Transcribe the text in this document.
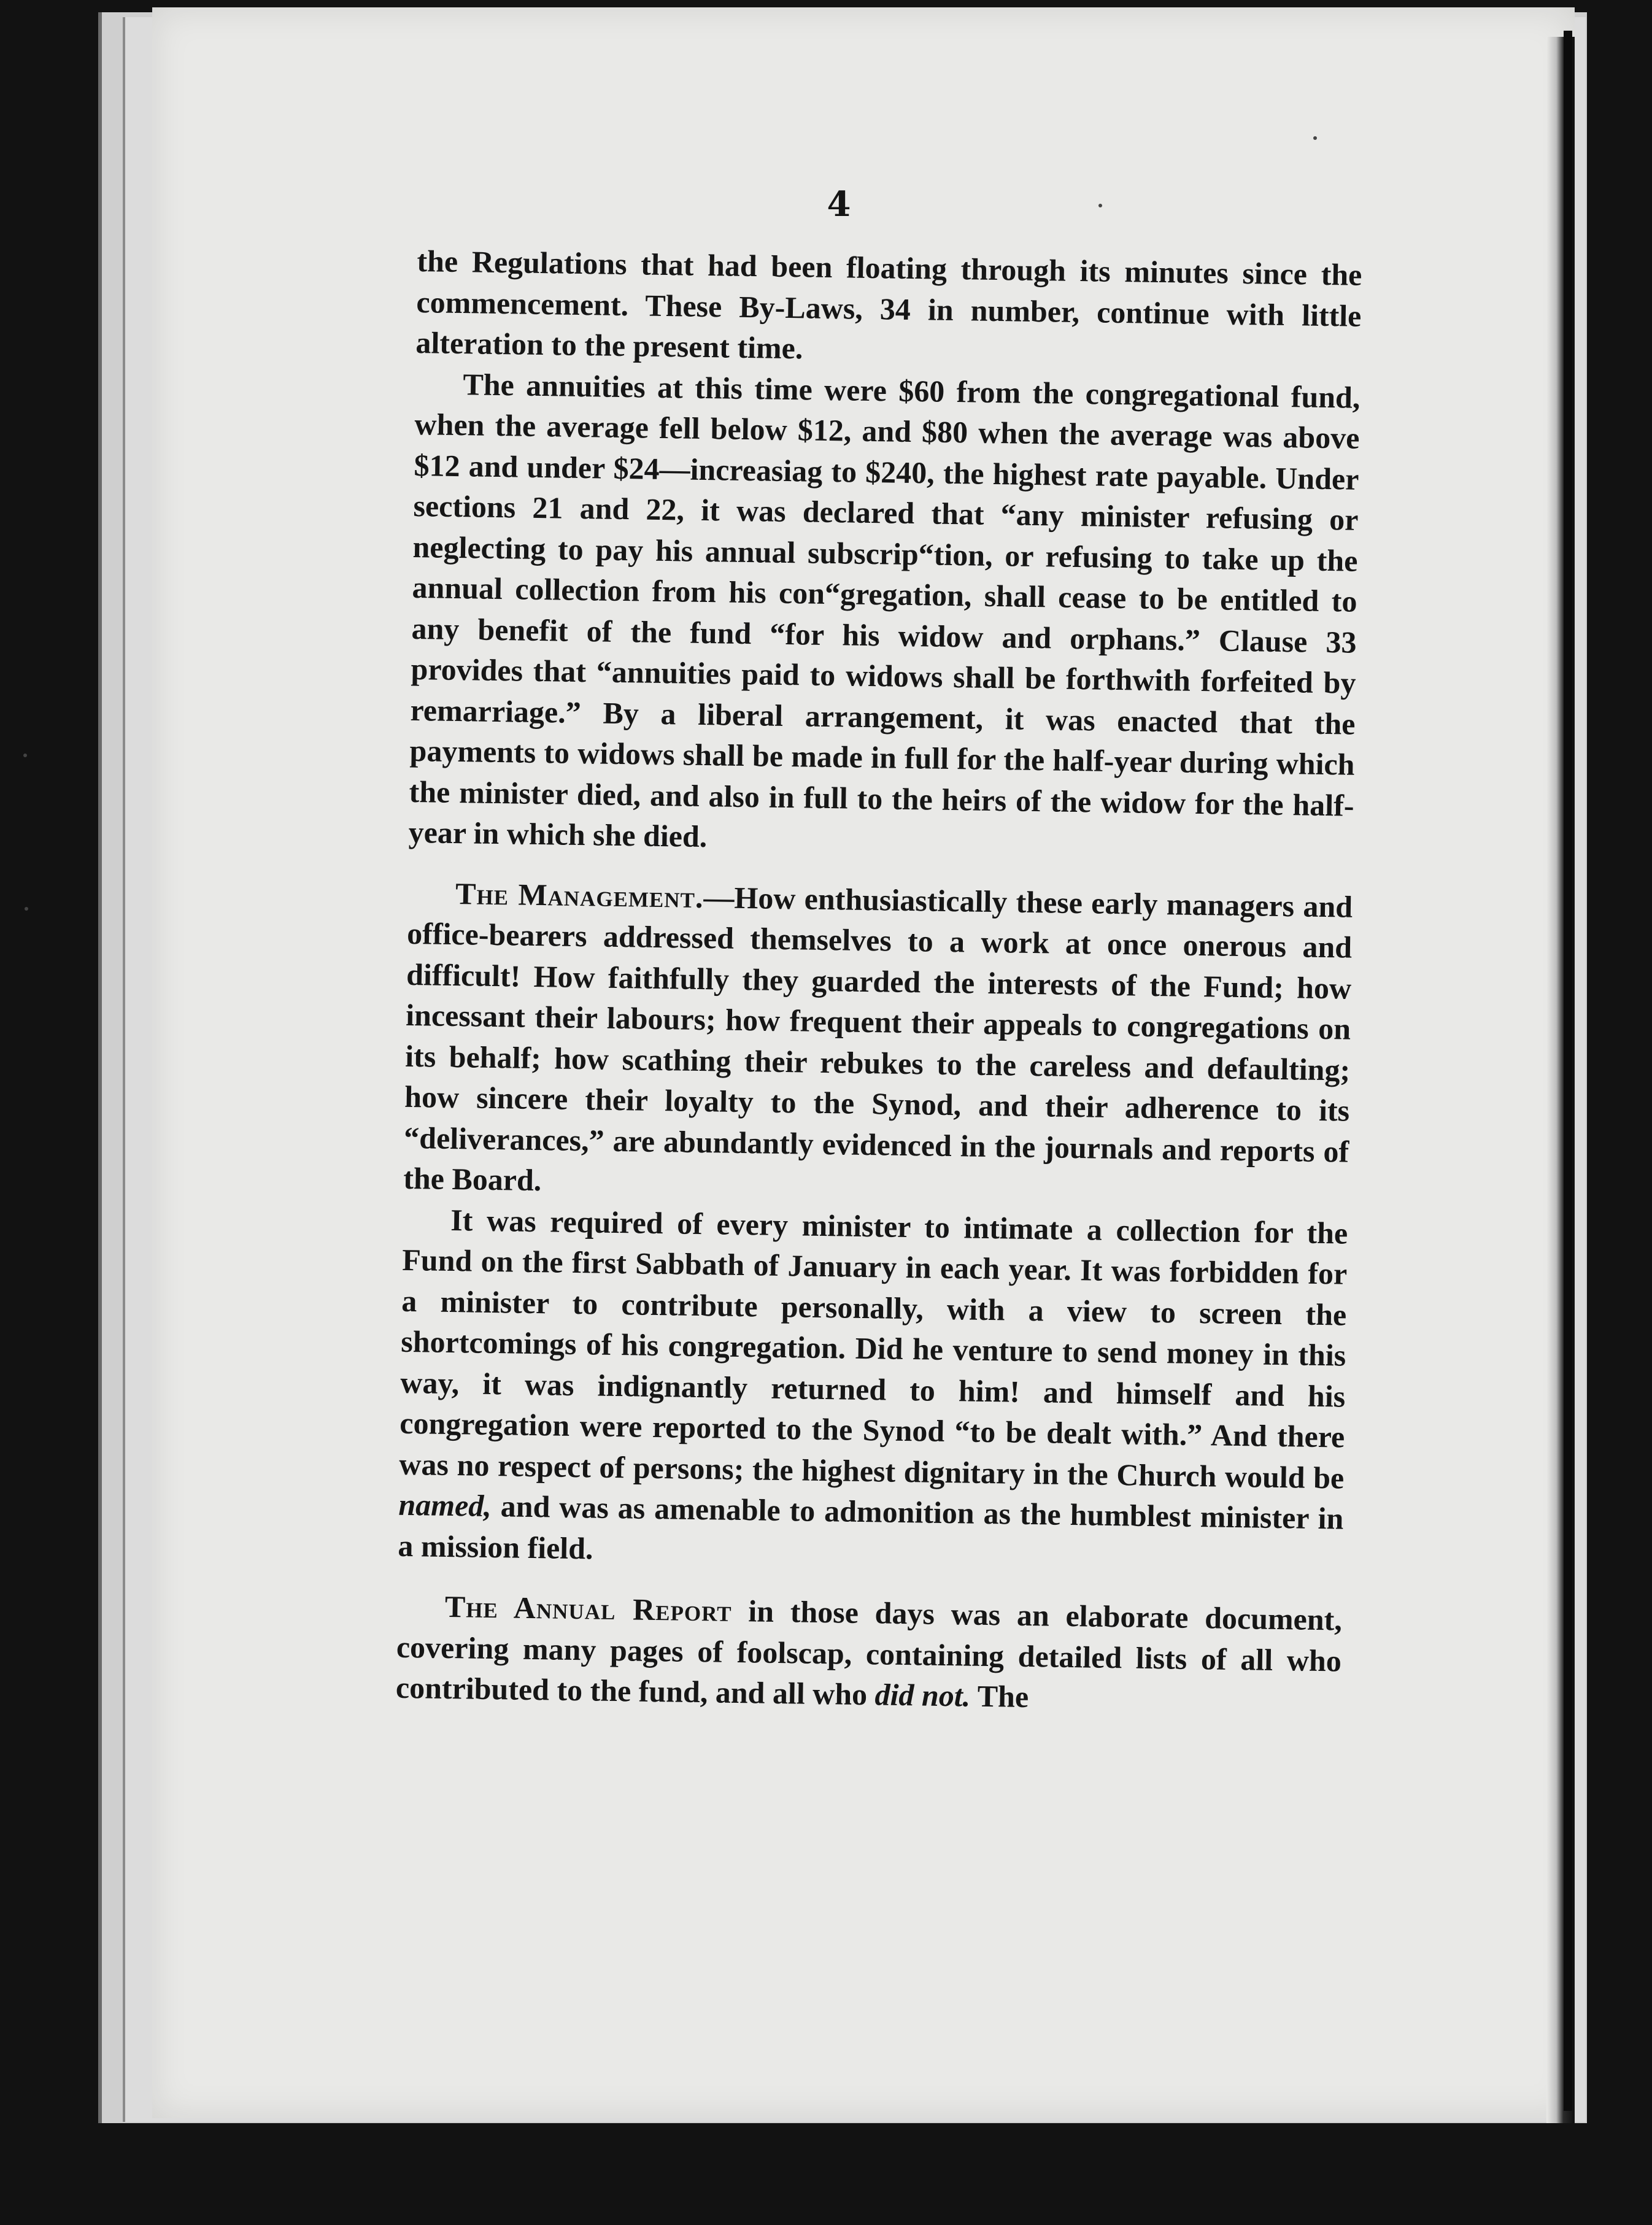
4

the Regulations that had been floating through its minutes since the commencement. These By-Laws, 34 in number, continue with little alteration to the present time.

The annuities at this time were $60 from the congregational fund, when the average fell below $12, and $80 when the average was above $12 and under $24—increasiag to $240, the highest rate payable. Under sections 21 and 22, it was declared that “any minister refusing or neglecting to pay his annual subscrip“tion, or refusing to take up the annual collection from his con“gregation, shall cease to be entitled to any benefit of the fund “for his widow and orphans.” Clause 33 provides that “annuities paid to widows shall be forthwith forfeited by remarriage.” By a liberal arrangement, it was enacted that the payments to widows shall be made in full for the half-year during which the minister died, and also in full to the heirs of the widow for the half-year in which she died.

The Management.—How enthusiastically these early managers and office-bearers addressed themselves to a work at once onerous and difficult! How faithfully they guarded the interests of the Fund; how incessant their labours; how frequent their appeals to congregations on its behalf; how scathing their rebukes to the careless and defaulting; how sincere their loyalty to the Synod, and their adherence to its “deliverances,” are abundantly evidenced in the journals and reports of the Board.

It was required of every minister to intimate a collection for the Fund on the first Sabbath of January in each year. It was forbidden for a minister to contribute personally, with a view to screen the shortcomings of his congregation. Did he venture to send money in this way, it was indignantly returned to him! and himself and his congregation were reported to the Synod “to be dealt with.” And there was no respect of persons; the highest dignitary in the Church would be named, and was as amenable to admonition as the humblest minister in a mission field.

The Annual Report in those days was an elaborate document, covering many pages of foolscap, containing detailed lists of all who contributed to the fund, and all who did not. The
